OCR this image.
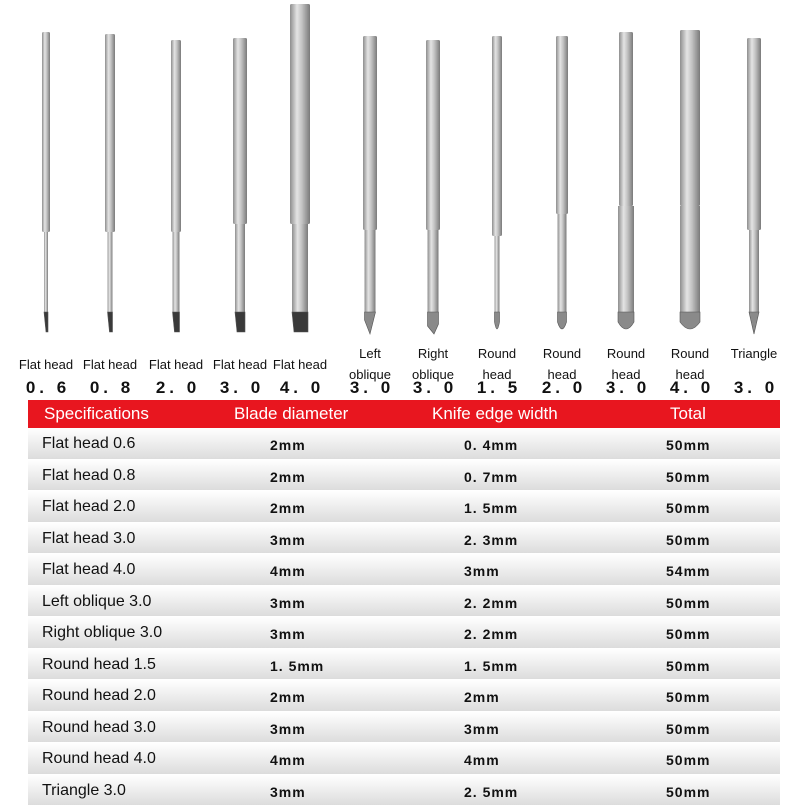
Flat head
0. 6
Flat head
0. 8
Flat head
2. 0
Flat head
3. 0
Flat head
4. 0
Left oblique
3. 0
Right oblique
3. 0
Round head
1. 5
Round head
2. 0
Round head
3. 0
Round head
4. 0
Triangle
3. 0
Specifications	Blade diameter	Knife edge width	Total
Flat head 0.6	2mm	0. 4mm	50mm
Flat head 0.8	2mm	0. 7mm	50mm
Flat head 2.0	2mm	1. 5mm	50mm
Flat head 3.0	3mm	2. 3mm	50mm
Flat head 4.0	4mm	3mm	54mm
Left oblique 3.0	3mm	2. 2mm	50mm
Right oblique 3.0	3mm	2. 2mm	50mm
Round head 1.5	1. 5mm	1. 5mm	50mm
Round head 2.0	2mm	2mm	50mm
Round head 3.0	3mm	3mm	50mm
Round head 4.0	4mm	4mm	50mm
Triangle 3.0	3mm	2. 5mm	50mm
